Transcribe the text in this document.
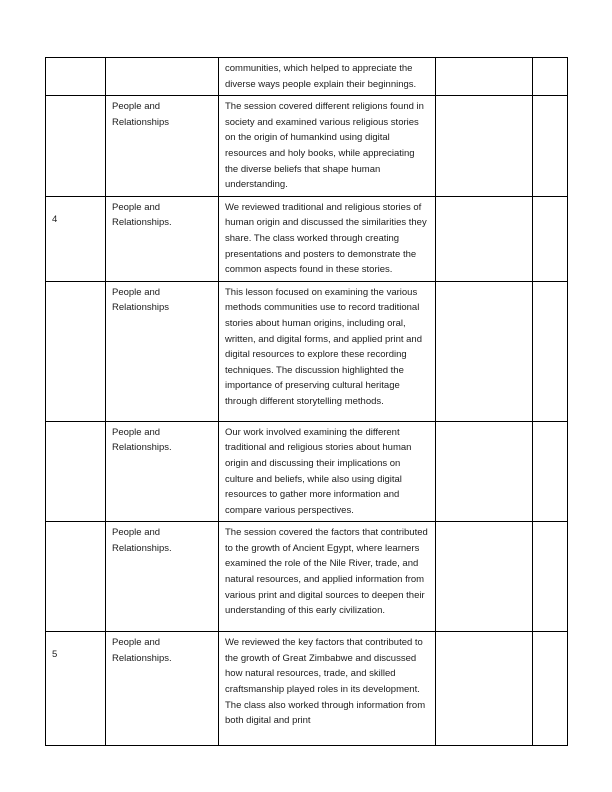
		communities, which helped to appreciate the diverse ways people explain their beginnings.		

	People and Relationships	The session covered different religions found in society and examined various religious stories on the origin of humankind using digital resources and holy books, while appreciating the diverse beliefs that shape human understanding.		

4	People and Relationships.	We reviewed traditional and religious stories of human origin and discussed the similarities they share. The class worked through creating presentations and posters to demonstrate the common aspects found in these stories.		

	People and Relationships	This lesson focused on examining the various methods communities use to record traditional stories about human origins, including oral, written, and digital forms, and applied print and digital resources to explore these recording techniques. The discussion highlighted the importance of preserving cultural heritage through different storytelling methods.		

	People and Relationships.	Our work involved examining the different traditional and religious stories about human origin and discussing their implications on culture and beliefs, while also using digital resources to gather more information and compare various perspectives.		

	People and Relationships.	The session covered the factors that contributed to the growth of Ancient Egypt, where learners examined the role of the Nile River, trade, and natural resources, and applied information from various print and digital sources to deepen their understanding of this early civilization.		

5	People and Relationships.	We reviewed the key factors that contributed to the growth of Great Zimbabwe and discussed how natural resources, trade, and skilled craftsmanship played roles in its development. The class also worked through information from both digital and print		
